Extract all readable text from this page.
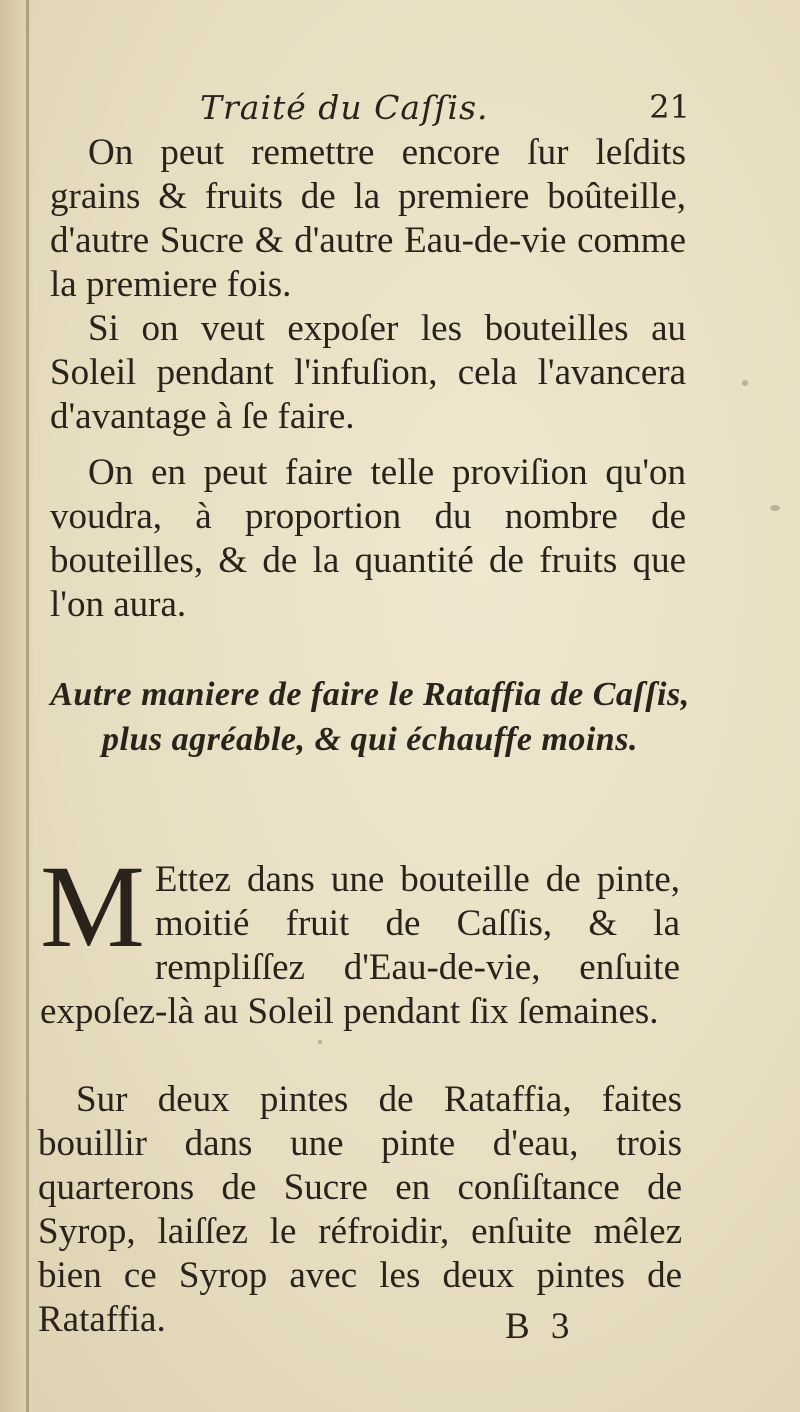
Traité du Caſſis.	21

On peut remettre encore ſur leſdits grains & fruits de la premiere boûteille, d'autre Sucre & d'autre Eau-de-vie comme la premiere fois.

Si on veut expoſer les bouteilles au Soleil pendant l'infuſion, cela l'avancera d'avantage à ſe faire.

On en peut faire telle proviſion qu'on voudra, à proportion du nombre de bouteilles, & de la quantité de fruits que l'on aura.

Autre maniere de faire le Rataffia de Caſſis, plus agréable, & qui échauffe moins.
M Ettez dans une bouteille de pinte, moitié fruit de Caſſis, & la rempliſſez d'Eau-de-vie, enſuite expoſez-là au Soleil pendant ſix ſemaines.

Sur deux pintes de Rataffia, faites bouillir dans une pinte d'eau, trois quarterons de Sucre en conſiſtance de Syrop, laiſſez le réfroidir, enſuite mêlez bien ce Syrop avec les deux pintes de Rataffia.	B 3
